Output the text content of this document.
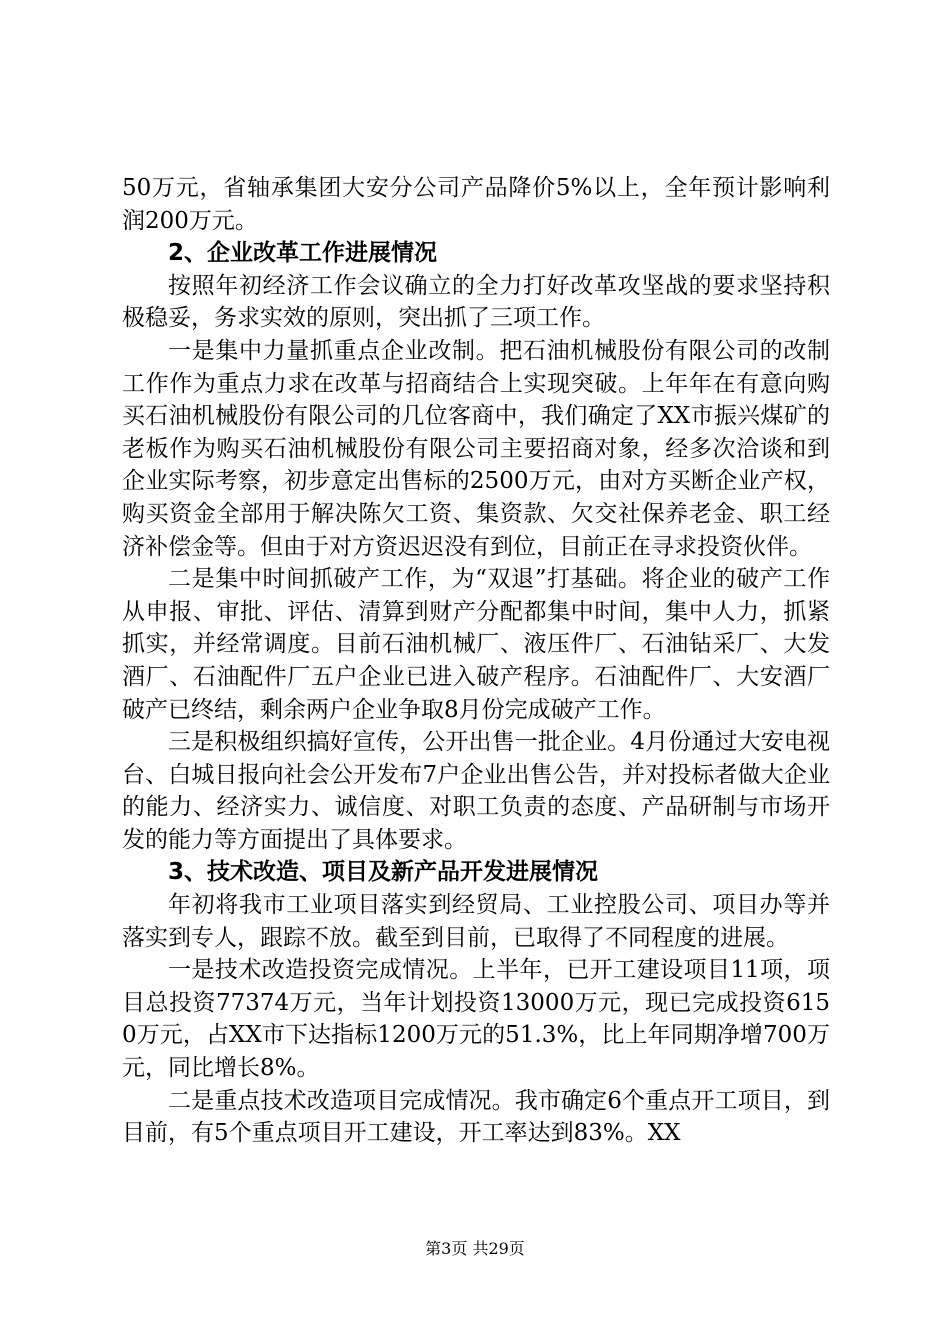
50万元，省轴承集团大安分公司产品降价5%以上，全年预计影响利润200万元。

2、企业改革工作进展情况

按照年初经济工作会议确立的全力打好改革攻坚战的要求坚持积极稳妥，务求实效的原则，突出抓了三项工作。

一是集中力量抓重点企业改制。把石油机械股份有限公司的改制工作作为重点力求在改革与招商结合上实现突破。上年年在有意向购买石油机械股份有限公司的几位客商中，我们确定了XX市振兴煤矿的老板作为购买石油机械股份有限公司主要招商对象，经多次洽谈和到企业实际考察，初步意定出售标的2500万元，由对方买断企业产权，购买资金全部用于解决陈欠工资、集资款、欠交社保养老金、职工经济补偿金等。但由于对方资迟迟没有到位，目前正在寻求投资伙伴。

二是集中时间抓破产工作，为“双退”打基础。将企业的破产工作从申报、审批、评估、清算到财产分配都集中时间，集中人力，抓紧抓实，并经常调度。目前石油机械厂、液压件厂、石油钻采厂、大发酒厂、石油配件厂五户企业已进入破产程序。石油配件厂、大安酒厂破产已终结，剩余两户企业争取8月份完成破产工作。

三是积极组织搞好宣传，公开出售一批企业。4月份通过大安电视台、白城日报向社会公开发布7户企业出售公告，并对投标者做大企业的能力、经济实力、诚信度、对职工负责的态度、产品研制与市场开发的能力等方面提出了具体要求。

3、技术改造、项目及新产品开发进展情况

年初将我市工业项目落实到经贸局、工业控股公司、项目办等并落实到专人，跟踪不放。截至到目前，已取得了不同程度的进展。

一是技术改造投资完成情况。上半年，已开工建设项目11项，项目总投资77374万元，当年计划投资13000万元，现已完成投资6150万元，占XX市下达指标1200万元的51.3%，比上年同期净增700万元，同比增长8%。

二是重点技术改造项目完成情况。我市确定6个重点开工项目，到目前，有5个重点项目开工建设，开工率达到83%。XX

第3页 共29页
